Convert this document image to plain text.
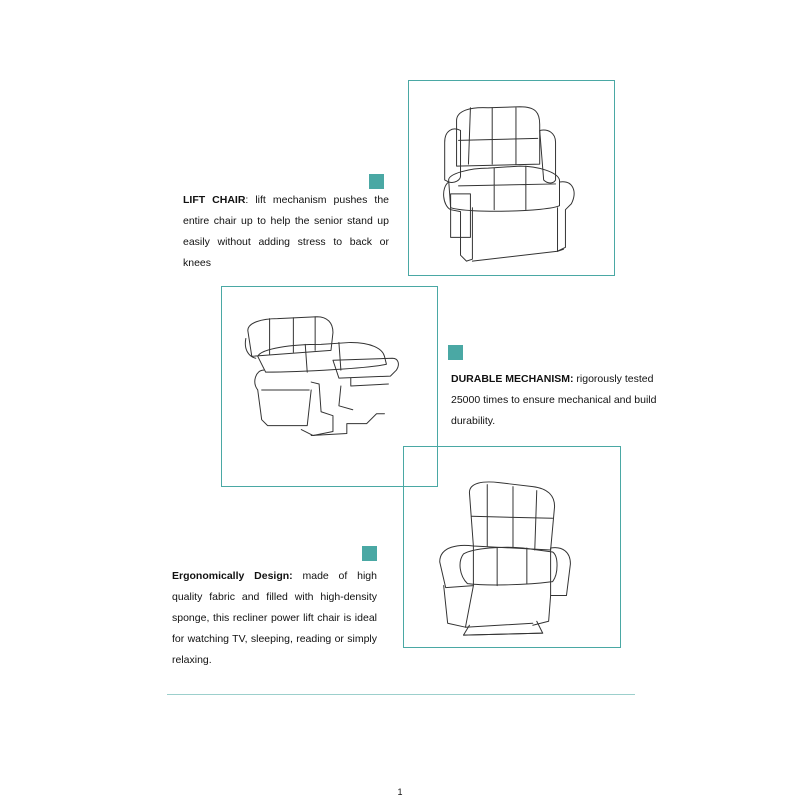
LIFT CHAIR: lift mechanism pushes the entire chair up to help the senior stand up easily without adding stress to back or knees
DURABLE MECHANISM: rigorously tested 25000 times to ensure mechanical and build durability.
Ergonomically Design: made of high quality fabric and filled with high-density sponge, this recliner power lift chair is ideal for watching TV, sleeping, reading or simply relaxing.
1
